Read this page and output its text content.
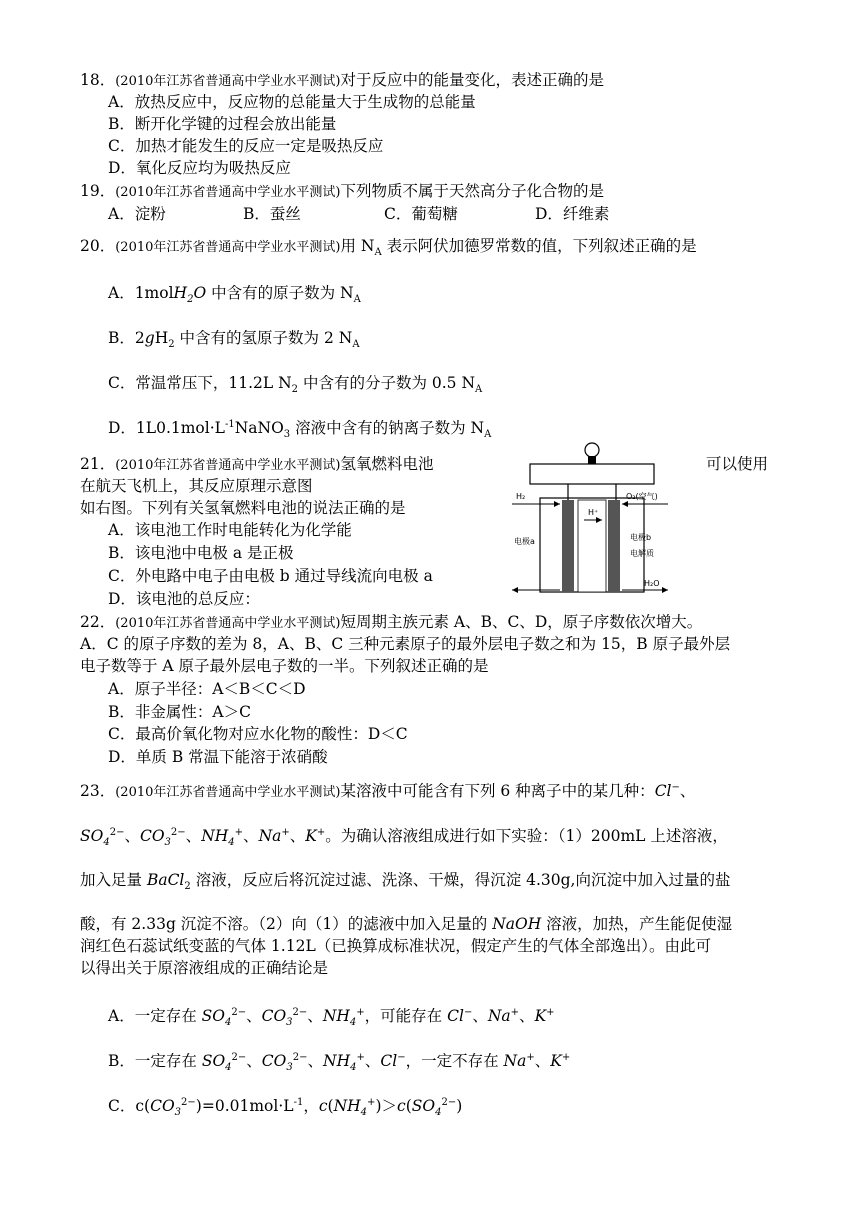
18．(2010年江苏省普通高中学业水平测试)对于反应中的能量变化，表述正确的是
A．放热反应中，反应物的总能量大于生成物的总能量
B．断开化学键的过程会放出能量
C．加热才能发生的反应一定是吸热反应
D．氧化反应均为吸热反应
19．(2010年江苏省普通高中学业水平测试)下列物质不属于天然高分子化合物的是
A．淀粉	B．蚕丝	C．葡萄糖	D．纤维素
20．(2010年江苏省普通高中学业水平测试)用 $N_A$ 表示阿伏加德罗常数的值，下列叙述正确的是
A．1molH$_2$O 中含有的原子数为 $N_A$
B．$2gH_2$ 中含有的氢原子数为 2 $N_A$
C．常温常压下，11.2L $N_2$ 中含有的分子数为 0.5 $N_A$
D．$1L0.1mol\cdot L^{-1}NaNO_3$ 溶液中含有的钠离子数为 $N_A$
21．(2010年江苏省普通高中学业水平测试)氢氧燃料电池	可以使用
在航天飞机上，其反应原理示意图
如右图。下列有关氢氧燃料电池的说法正确的是
A．该电池工作时电能转化为化学能
B．该电池中电极 a 是正极
C．外电路中电子由电极 b 通过导线流向电极 a
D．该电池的总反应：
H₂
H⁺
O₂(空气)
电极a	电极b
电解质
H₂O
22．(2010年江苏省普通高中学业水平测试)短周期主族元素 A、B、C、D，原子序数依次增大。
A．C 的原子序数的差为 8，A、B、C 三种元素原子的最外层电子数之和为 15，B 原子最外层
电子数等于 A 原子最外层电子数的一半。下列叙述正确的是
A．原子半径：A＜B＜C＜D
B．非金属性：A＞C
C．最高价氧化物对应水化物的酸性：D＜C
D．单质 B 常温下能溶于浓硝酸
23．(2010年江苏省普通高中学业水平测试)某溶液中可能含有下列 6 种离子中的某几种：Cl−、
$SO_4^{2-}$、$CO_3^{2-}$、$NH_4^+$、Na+、K+。为确认溶液组成进行如下实验：（1）200mL 上述溶液，
加入足量 BaCl$_2$ 溶液，反应后将沉淀过滤、洗涤、干燥，得沉淀 4.30g,向沉淀中加入过量的盐
酸，有 2.33g 沉淀不溶。（2）向（1）的滤液中加入足量的 NaOH 溶液，加热，产生能促使湿
润红色石蕊试纸变蓝的气体 1.12L（已换算成标准状况，假定产生的气体全部逸出）。由此可
以得出关于原溶液组成的正确结论是
A．一定存在 $SO_4^{2-}$、$CO_3^{2-}$、$NH_4^+$，可能存在 Cl−、Na+、K+
B．一定存在 $SO_4^{2-}$、$CO_3^{2-}$、$NH_4^+$、Cl−，一定不存在 Na+、K+
C．$c(CO_3^{2-})=0.01mol\cdot L^{-1}$，$c(NH_4^+)>c(SO_4^{2-})$
